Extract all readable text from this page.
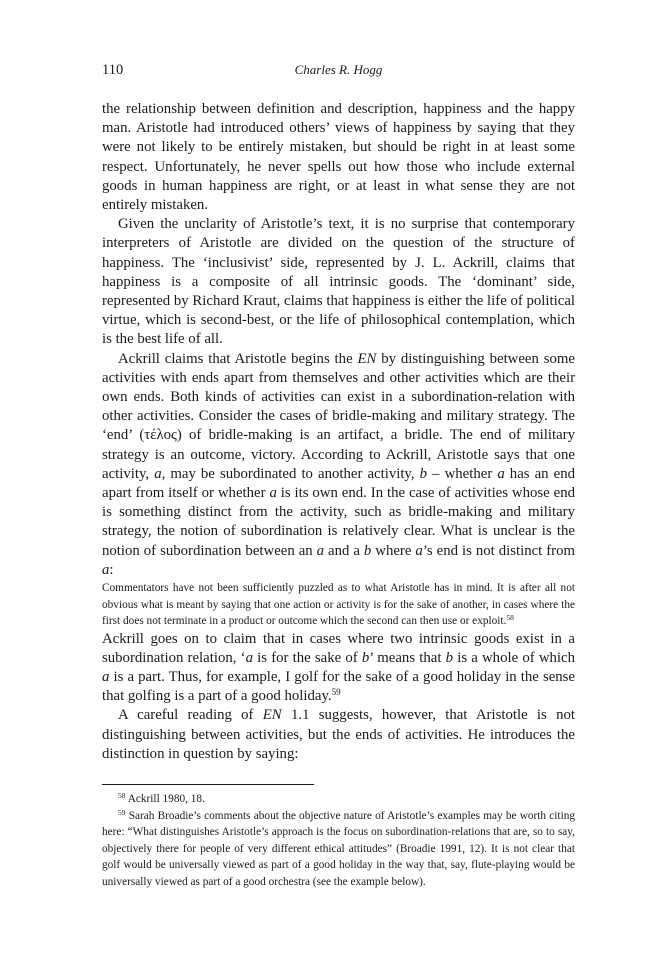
110	Charles R. Hogg

the relationship between definition and description, happiness and the happy man. Aristotle had introduced others’ views of happiness by saying that they were not likely to be entirely mistaken, but should be right in at least some respect. Unfortunately, he never spells out how those who include external goods in human happiness are right, or at least in what sense they are not entirely mistaken.

Given the unclarity of Aristotle’s text, it is no surprise that contemporary interpreters of Aristotle are divided on the question of the structure of happiness. The ‘inclusivist’ side, represented by J. L. Ackrill, claims that happiness is a composite of all intrinsic goods. The ‘dominant’ side, represented by Richard Kraut, claims that happiness is either the life of political virtue, which is second-best, or the life of philosophical contemplation, which is the best life of all.

Ackrill claims that Aristotle begins the EN by distinguishing between some activities with ends apart from themselves and other activities which are their own ends. Both kinds of activities can exist in a subordination-relation with other activities. Consider the cases of bridle-making and military strategy. The ‘end’ (τέλος) of bridle-making is an artifact, a bridle. The end of military strategy is an outcome, victory. According to Ackrill, Aristotle says that one activity, a, may be subordinated to another activity, b – whether a has an end apart from itself or whether a is its own end. In the case of activities whose end is something distinct from the activity, such as bridle-making and military strategy, the notion of subordination is relatively clear. What is unclear is the notion of subordination between an a and a b where a’s end is not distinct from a:

Commentators have not been sufficiently puzzled as to what Aristotle has in mind. It is after all not obvious what is meant by saying that one action or activity is for the sake of another, in cases where the first does not terminate in a product or outcome which the second can then use or exploit.$^{58}$

Ackrill goes on to claim that in cases where two intrinsic goods exist in a subordination relation, ‘a is for the sake of b’ means that b is a whole of which a is a part. Thus, for example, I golf for the sake of a good holiday in the sense that golfing is a part of a good holiday.$^{59}$

A careful reading of EN 1.1 suggests, however, that Aristotle is not distinguishing between activities, but the ends of activities. He introduces the distinction in question by saying:

$^{58}$ Ackrill 1980, 18.

$^{59}$ Sarah Broadie’s comments about the objective nature of Aristotle’s examples may be worth citing here: “What distinguishes Aristotle’s approach is the focus on subordination-relations that are, so to say, objectively there for people of very different ethical attitudes” (Broadie 1991, 12). It is not clear that golf would be universally viewed as part of a good holiday in the way that, say, flute-playing would be universally viewed as part of a good orchestra (see the example below).
